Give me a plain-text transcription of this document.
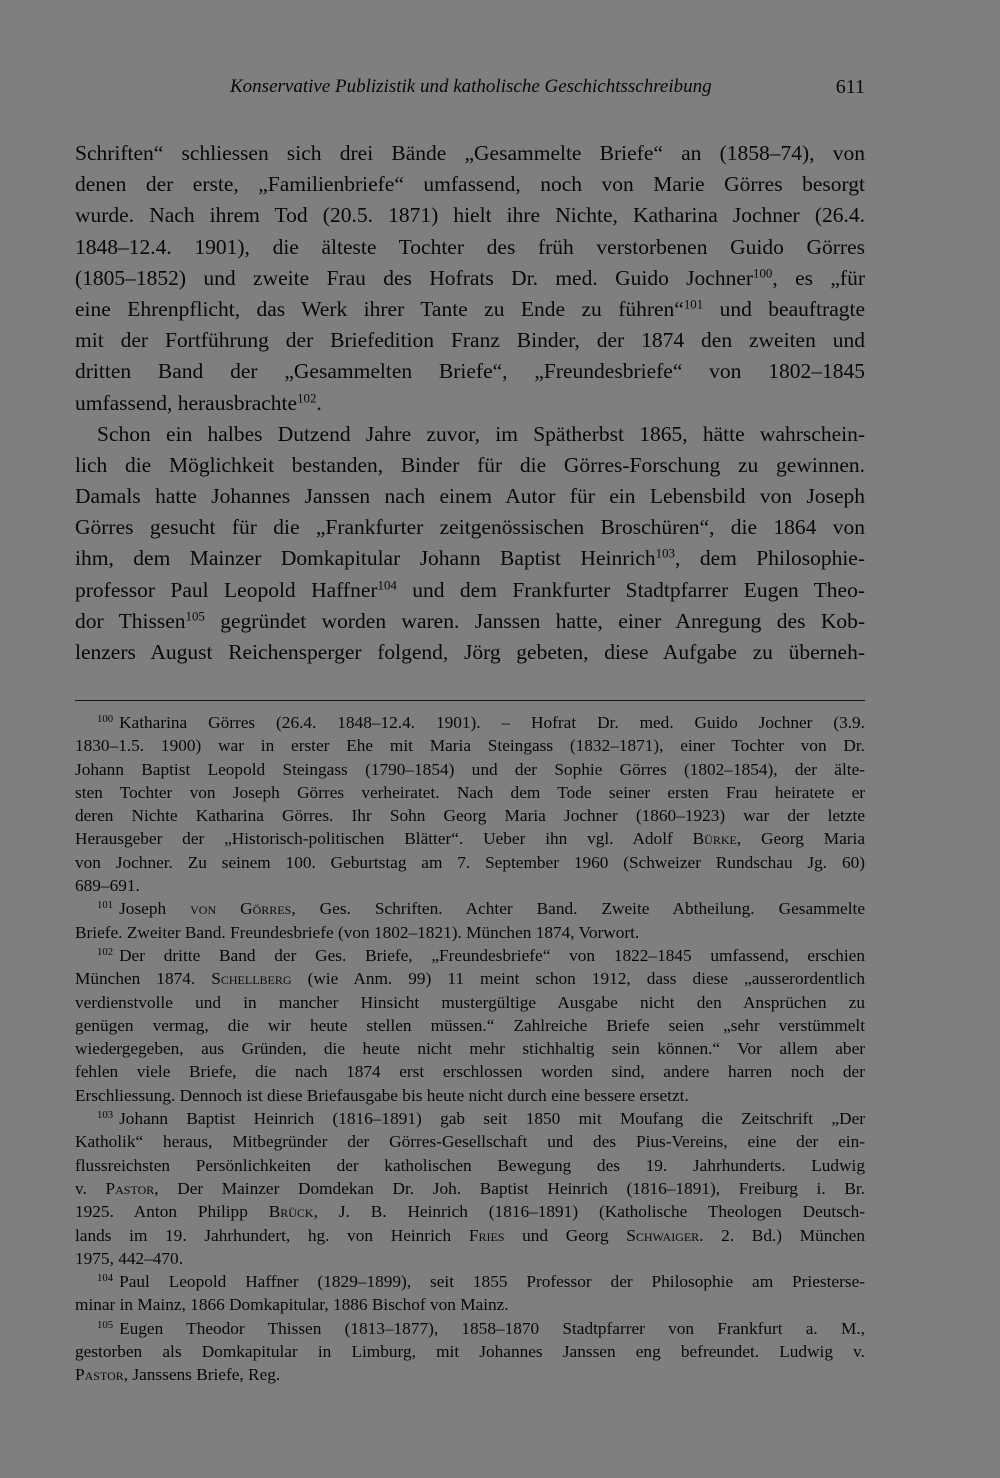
Konservative Publizistik und katholische Geschichtsschreibung	611
Schriften“ schliessen sich drei Bände „Gesammelte Briefe“ an (1858–74), von
denen der erste, „Familienbriefe“ umfassend, noch von Marie Görres besorgt
wurde. Nach ihrem Tod (20.5. 1871) hielt ihre Nichte, Katharina Jochner (26.4.
1848–12.4. 1901), die älteste Tochter des früh verstorbenen Guido Görres
(1805–1852) und zweite Frau des Hofrats Dr. med. Guido Jochner$^{100}$, es „für
eine Ehrenpflicht, das Werk ihrer Tante zu Ende zu führen“$^{101}$ und beauftragte
mit der Fortführung der Briefedition Franz Binder, der 1874 den zweiten und
dritten Band der „Gesammelten Briefe“, „Freundesbriefe“ von 1802–1845
umfassend, herausbrachte$^{102}$.
Schon ein halbes Dutzend Jahre zuvor, im Spätherbst 1865, hätte wahrschein-
lich die Möglichkeit bestanden, Binder für die Görres-Forschung zu gewinnen.
Damals hatte Johannes Janssen nach einem Autor für ein Lebensbild von Joseph
Görres gesucht für die „Frankfurter zeitgenössischen Broschüren“, die 1864 von
ihm, dem Mainzer Domkapitular Johann Baptist Heinrich$^{103}$, dem Philosophie-
professor Paul Leopold Haffner$^{104}$ und dem Frankfurter Stadtpfarrer Eugen Theo-
dor Thissen$^{105}$ gegründet worden waren. Janssen hatte, einer Anregung des Kob-
lenzers August Reichensperger folgend, Jörg gebeten, diese Aufgabe zu überneh-
$^{100}$ Katharina Görres (26.4. 1848–12.4. 1901). – Hofrat Dr. med. Guido Jochner (3.9.
1830–1.5. 1900) war in erster Ehe mit Maria Steingass (1832–1871), einer Tochter von Dr.
Johann Baptist Leopold Steingass (1790–1854) und der Sophie Görres (1802–1854), der älte-
sten Tochter von Joseph Görres verheiratet. Nach dem Tode seiner ersten Frau heiratete er
deren Nichte Katharina Görres. Ihr Sohn Georg Maria Jochner (1860–1923) war der letzte
Herausgeber der „Historisch-politischen Blätter“. Ueber ihn vgl. Adolf Bürke, Georg Maria
von Jochner. Zu seinem 100. Geburtstag am 7. September 1960 (Schweizer Rundschau Jg. 60)
689–691.
$^{101}$ Joseph von Görres, Ges. Schriften. Achter Band. Zweite Abtheilung. Gesammelte
Briefe. Zweiter Band. Freundesbriefe (von 1802–1821). München 1874, Vorwort.
$^{102}$ Der dritte Band der Ges. Briefe, „Freundesbriefe“ von 1822–1845 umfassend, erschien
München 1874. Schellberg (wie Anm. 99) 11 meint schon 1912, dass diese „ausserordentlich
verdienstvolle und in mancher Hinsicht mustergültige Ausgabe nicht den Ansprüchen zu
genügen vermag, die wir heute stellen müssen.“ Zahlreiche Briefe seien „sehr verstümmelt
wiedergegeben, aus Gründen, die heute nicht mehr stichhaltig sein können.“ Vor allem aber
fehlen viele Briefe, die nach 1874 erst erschlossen worden sind, andere harren noch der
Erschliessung. Dennoch ist diese Briefausgabe bis heute nicht durch eine bessere ersetzt.
$^{103}$ Johann Baptist Heinrich (1816–1891) gab seit 1850 mit Moufang die Zeitschrift „Der
Katholik“ heraus, Mitbegründer der Görres-Gesellschaft und des Pius-Vereins, eine der ein-
flussreichsten Persönlichkeiten der katholischen Bewegung des 19. Jahrhunderts. Ludwig
v. Pastor, Der Mainzer Domdekan Dr. Joh. Baptist Heinrich (1816–1891), Freiburg i. Br.
1925. Anton Philipp Brück, J. B. Heinrich (1816–1891) (Katholische Theologen Deutsch-
lands im 19. Jahrhundert, hg. von Heinrich Fries und Georg Schwaiger. 2. Bd.) München
1975, 442–470.
$^{104}$ Paul Leopold Haffner (1829–1899), seit 1855 Professor der Philosophie am Priesterse-
minar in Mainz, 1866 Domkapitular, 1886 Bischof von Mainz.
$^{105}$ Eugen Theodor Thissen (1813–1877), 1858–1870 Stadtpfarrer von Frankfurt a. M.,
gestorben als Domkapitular in Limburg, mit Johannes Janssen eng befreundet. Ludwig v.
Pastor, Janssens Briefe, Reg.
